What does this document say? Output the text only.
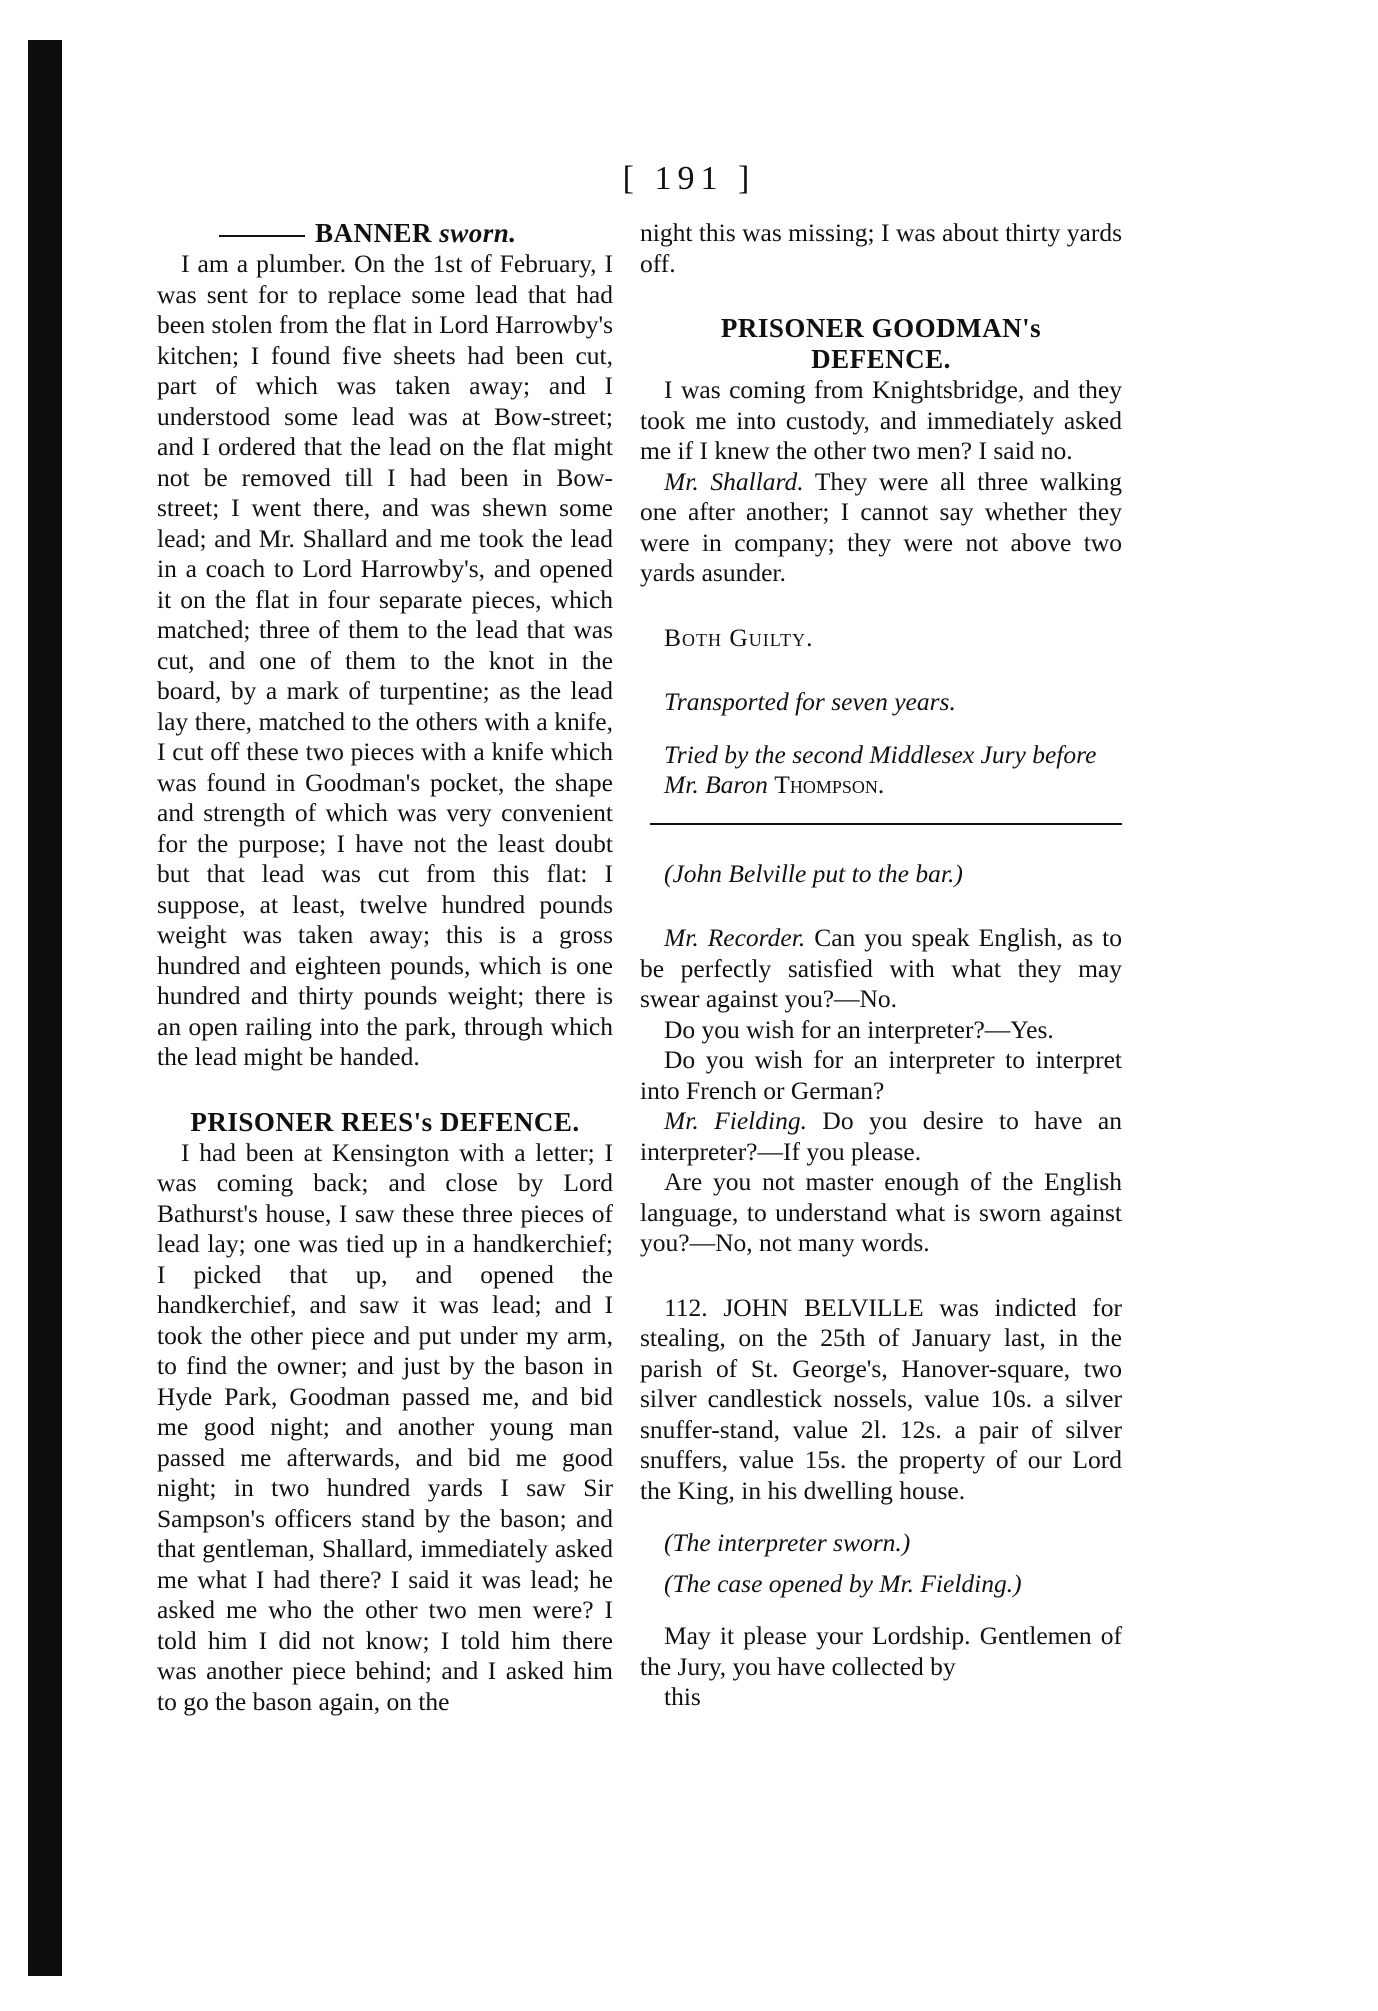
[ 191 ]
BANNER sworn.

I am a plumber. On the 1st of February, I was sent for to replace some lead that had been stolen from the flat in Lord Harrowby's kitchen; I found five sheets had been cut, part of which was taken away; and I understood some lead was at Bow-street; and I ordered that the lead on the flat might not be removed till I had been in Bow-street; I went there, and was shewn some lead; and Mr. Shallard and me took the lead in a coach to Lord Harrowby's, and opened it on the flat in four separate pieces, which matched; three of them to the lead that was cut, and one of them to the knot in the board, by a mark of turpentine; as the lead lay there, matched to the others with a knife, I cut off these two pieces with a knife which was found in Goodman's pocket, the shape and strength of which was very convenient for the purpose; I have not the least doubt but that lead was cut from this flat: I suppose, at least, twelve hundred pounds weight was taken away; this is a gross hundred and eighteen pounds, which is one hundred and thirty pounds weight; there is an open railing into the park, through which the lead might be handed.

PRISONER REES's DEFENCE.

I had been at Kensington with a letter; I was coming back; and close by Lord Bathurst's house, I saw these three pieces of lead lay; one was tied up in a handkerchief; I picked that up, and opened the handkerchief, and saw it was lead; and I took the other piece and put under my arm, to find the owner; and just by the bason in Hyde Park, Goodman passed me, and bid me good night; and another young man passed me afterwards, and bid me good night; in two hundred yards I saw Sir Sampson's officers stand by the bason; and that gentleman, Shallard, immediately asked me what I had there? I said it was lead; he asked me who the other two men were? I told him I did not know; I told him there was another piece behind; and I asked him to go the bason again, on the

night this was missing; I was about thirty yards off.

PRISONER GOODMAN's
DEFENCE.

I was coming from Knightsbridge, and they took me into custody, and immediately asked me if I knew the other two men? I said no.

Mr. Shallard. They were all three walking one after another; I cannot say whether they were in company; they were not above two yards asunder.

Both Guilty.

Transported for seven years.

Tried by the second Middlesex Jury before

Mr. Baron Thompson.

(John Belville put to the bar.)

Mr. Recorder. Can you speak English, as to be perfectly satisfied with what they may swear against you?—No.

Do you wish for an interpreter?—Yes.

Do you wish for an interpreter to interpret into French or German?

Mr. Fielding. Do you desire to have an interpreter?—If you please.

Are you not master enough of the English language, to understand what is sworn against you?—No, not many words.

112. JOHN BELVILLE was indicted for stealing, on the 25th of January last, in the parish of St. George's, Hanover-square, two silver candlestick nossels, value 10s. a silver snuffer-stand, value 2l. 12s. a pair of silver snuffers, value 15s. the property of our Lord the King, in his dwelling house.

(The interpreter sworn.)

(The case opened by Mr. Fielding.)

May it please your Lordship. Gentlemen of the Jury, you have collected by

this
